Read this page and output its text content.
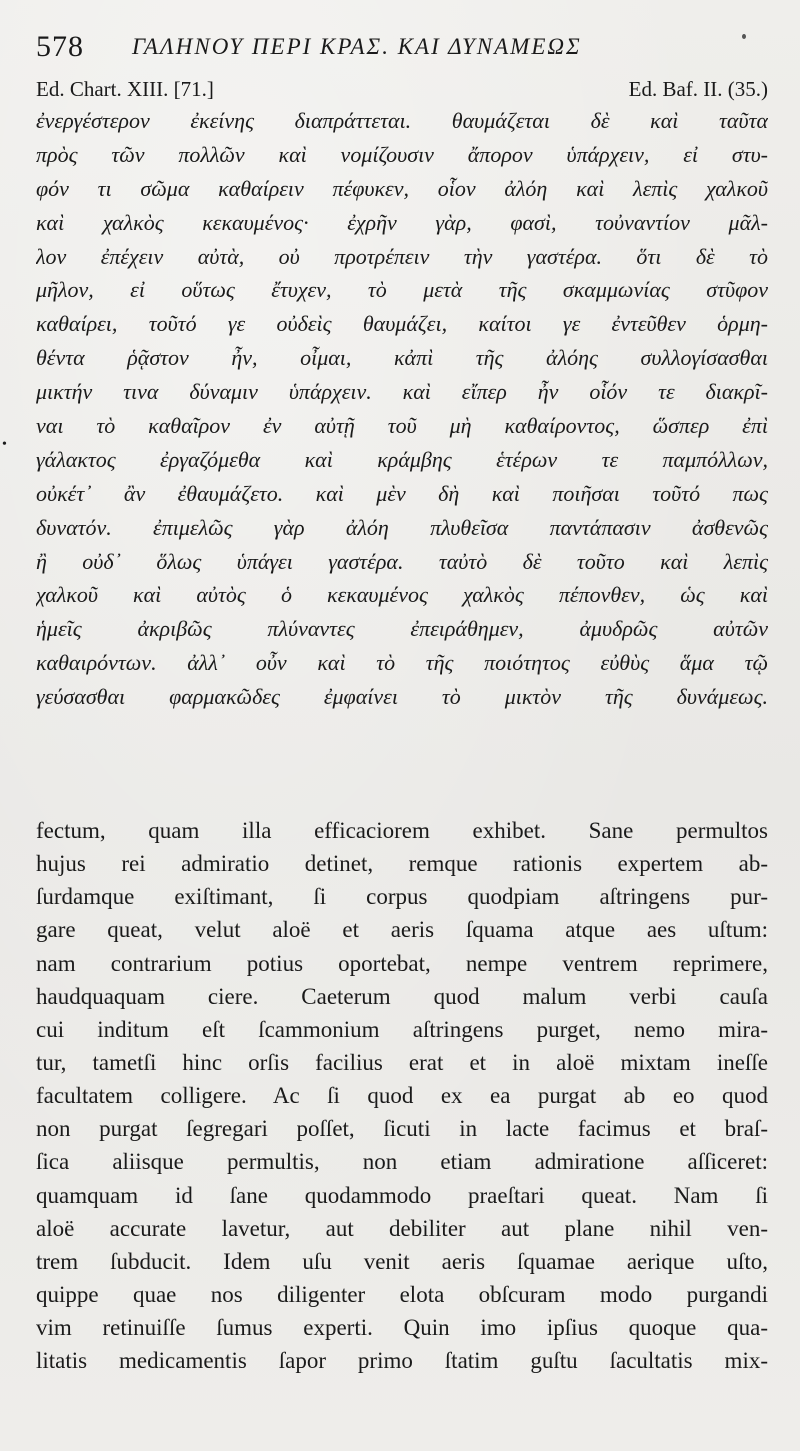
578 ΓΑΛΗΝΟΥ ΠΕΡΙ ΚΡΑΣ. ΚΑΙ ΔΥΝΑΜΕΩΣ
Ed. Chart. XIII. [71.]	Ed. Baf. II. (35.)
•
ἐνεργέστερον ἐκείνης διαπράττεται. θαυμάζεται δὲ καὶ ταῦτα
πρὸς τῶν πολλῶν καὶ νομίζουσιν ἄπορον ὑπάρχειν, εἰ στυ-
φόν τι σῶμα καθαίρειν πέφυκεν, οἷον ἀλόη καὶ λεπὶς χαλκοῦ
καὶ χαλκὸς κεκαυμένος· ἐχρῆν γὰρ, φασὶ, τοὐναντίον μᾶλ-
λον ἐπέχειν αὐτὰ, οὐ προτρέπειν τὴν γαστέρα. ὅτι δὲ τὸ
μῆλον, εἰ οὕτως ἔτυχεν, τὸ μετὰ τῆς σκαμμωνίας στῦφον
καθαίρει, τοῦτό γε οὐδεὶς θαυμάζει, καίτοι γε ἐντεῦθεν ὁρμη-
θέντα ῥᾷστον ἦν, οἶμαι, κἀπὶ τῆς ἀλόης συλλογίσασθαι
μικτήν τινα δύναμιν ὑπάρχειν. καὶ εἴπερ ἦν οἷόν τε διακρῖ-
ναι τὸ καθαῖρον ἐν αὐτῇ τοῦ μὴ καθαίροντος, ὥσπερ ἐπὶ
γάλακτος ἐργαζόμεθα καὶ κράμβης ἑτέρων τε παμπόλλων,
οὐκέτ᾽ ἂν ἐθαυμάζετο. καὶ μὲν δὴ καὶ ποιῆσαι τοῦτό πως
δυνατόν. ἐπιμελῶς γὰρ ἀλόη πλυθεῖσα παντάπασιν ἀσθενῶς
ἢ οὐδ᾽ ὅλως ὑπάγει γαστέρα. ταὐτὸ δὲ τοῦτο καὶ λεπὶς
χαλκοῦ καὶ αὐτὸς ὁ κεκαυμένος χαλκὸς πέπονθεν, ὡς καὶ
ἡμεῖς ἀκριβῶς πλύναντες ἐπειράθημεν, ἀμυδρῶς αὐτῶν
καθαιρόντων. ἀλλ᾽ οὖν καὶ τὸ τῆς ποιότητος εὐθὺς ἅμα τῷ
γεύσασθαι φαρμακῶδες ἐμφαίνει τὸ μικτὸν τῆς δυνάμεως.
fectum, quam illa efficaciorem exhibet. Sane permultos
hujus rei admiratio detinet, remque rationis expertem ab-
ſurdamque exiſtimant, ſi corpus quodpiam aſtringens pur-
gare queat, velut aloë et aeris ſquama atque aes uſtum:
nam contrarium potius oportebat, nempe ventrem reprimere,
haudquaquam ciere. Caeterum quod malum verbi cauſa
cui inditum eſt ſcammonium aſtringens purget, nemo mira-
tur, tametſi hinc orſis facilius erat et in aloë mixtam ineſſe
facultatem colligere. Ac ſi quod ex ea purgat ab eo quod
non purgat ſegregari poſſet, ſicuti in lacte facimus et braſ-
ſica aliisque permultis, non etiam admiratione aſſiceret:
quamquam id ſane quodammodo praeſtari queat. Nam ſi
aloë accurate lavetur, aut debiliter aut plane nihil ven-
trem ſubducit. Idem uſu venit aeris ſquamae aerique uſto,
quippe quae nos diligenter elota obſcuram modo purgandi
vim retinuiſſe ſumus experti. Quin imo ipſius quoque qua-
litatis medicamentis ſapor primo ſtatim guſtu ſacultatis mix-
